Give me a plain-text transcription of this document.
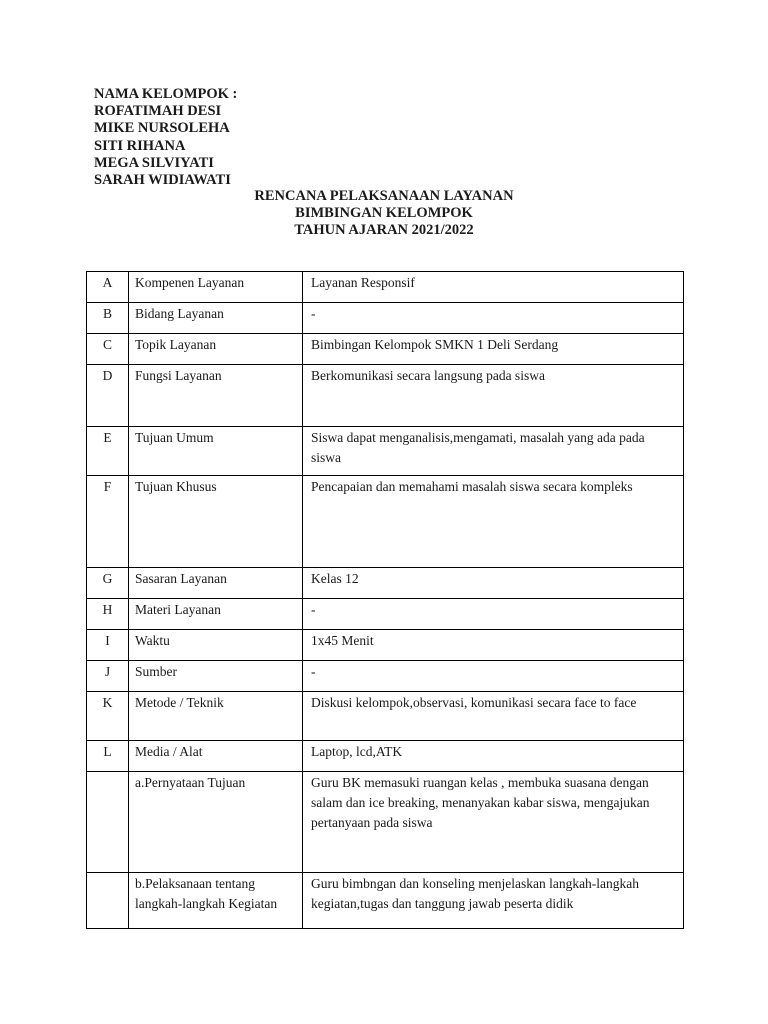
NAMA KELOMPOK :
ROFATIMAH DESI
MIKE NURSOLEHA
SITI RIHANA
MEGA SILVIYATI
SARAH WIDIAWATI
RENCANA PELAKSANAAN LAYANAN
BIMBINGAN KELOMPOK
TAHUN AJARAN 2021/2022
A	Kompenen Layanan	Layanan Responsif
B	Bidang Layanan	-
C	Topik Layanan	Bimbingan Kelompok SMKN 1 Deli Serdang
D	Fungsi Layanan	Berkomunikasi secara langsung pada siswa
E	Tujuan Umum	Siswa dapat menganalisis,mengamati, masalah yang ada pada siswa
F	Tujuan Khusus	Pencapaian dan memahami masalah siswa secara kompleks
G	Sasaran Layanan	Kelas 12
H	Materi Layanan	-
I	Waktu	1x45 Menit
J	Sumber	-
K	Metode / Teknik	Diskusi kelompok,observasi, komunikasi secara face to face
L	Media / Alat	Laptop, lcd,ATK
	a.Pernyataan Tujuan	Guru BK memasuki ruangan kelas , membuka suasana dengan salam dan ice breaking, menanyakan kabar siswa, mengajukan pertanyaan pada siswa
	b.Pelaksanaan tentang langkah-langkah Kegiatan	Guru bimbngan dan konseling menjelaskan langkah-langkah kegiatan,tugas dan tanggung jawab peserta didik
